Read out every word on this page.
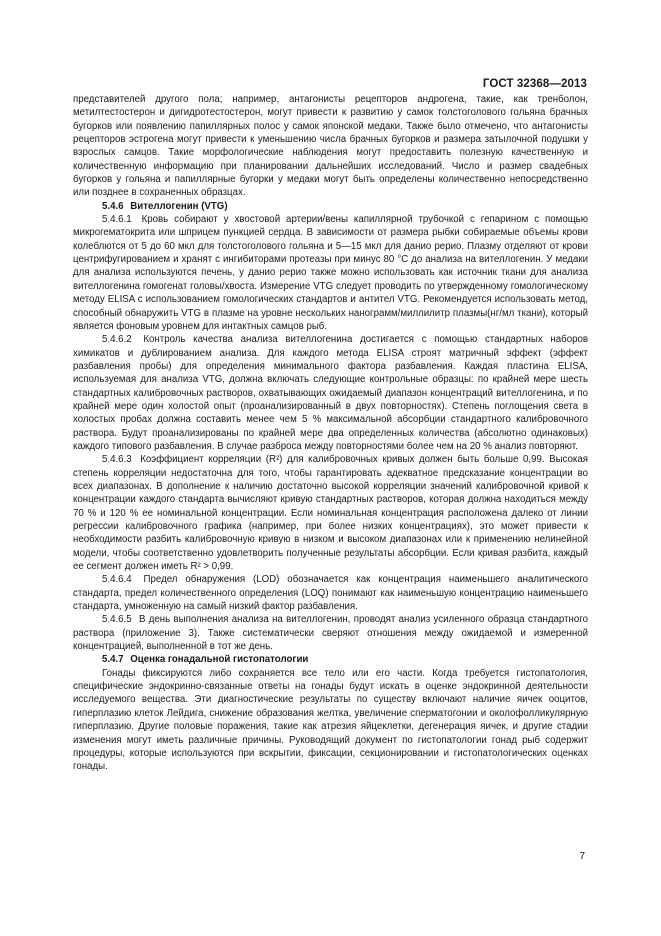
ГОСТ 32368—2013

представителей другого пола; например, антагонисты рецепторов андрогена, такие, как тренболон, метилтестостерон и дигидротестостерон, могут привести к развитию у самок толстоголового гольяна брачных бугорков или появлению папиллярных полос у самок японской медаки. Также было отмечено, что антагонисты рецепторов эстрогена могут привести к уменьшению числа брачных бугорков и размера затылочной подушки у взрослых самцов. Такие морфологические наблюдения могут предоставить полезную качественную и количественную информацию при планировании дальнейших исследований. Число и размер свадебных бугорков у гольяна и папиллярные бугорки у медаки могут быть определены количественно непосредственно или позднее в сохраненных образцах.

5.4.6 Вителлогенин (VTG)

5.4.6.1 Кровь собирают у хвостовой артерии/вены капиллярной трубочкой с гепарином с помощью микрогематокрита или шприцем пункцией сердца. В зависимости от размера рыбки собираемые объемы крови колеблются от 5 до 60 мкл для толстоголового гольяна и 5—15 мкл для данио рерио. Плазму отделяют от крови центрифугированием и хранят с ингибиторами протеазы при минус 80 °С до анализа на вителлогенин. У медаки для анализа используются печень, у данио рерио также можно использовать как источник ткани для анализа вителлогенина гомогенат головы/хвоста. Измерение VTG следует проводить по утвержденному гомологическому методу ELISA с использованием гомологических стандартов и антител VTG. Рекомендуется использовать метод, способный обнаружить VTG в плазме на уровне нескольких нанограмм/миллилитр плазмы(нг/мл ткани), который является фоновым уровнем для интактных самцов рыб.

5.4.6.2 Контроль качества анализа вителлогенина достигается с помощью стандартных наборов химикатов и дублированием анализа. Для каждого метода ELISA строят матричный эффект (эффект разбавления пробы) для определения минимального фактора разбавления. Каждая пластина ELISA, используемая для анализа VTG, должна включать следующие контрольные образцы: по крайней мере шесть стандартных калибровочных растворов, охватывающих ожидаемый диапазон концентраций вителлогенина, и по крайней мере один холостой опыт (проанализированный в двух повторностях). Степень поглощения света в холостых пробах должна составить менее чем 5 % максимальной абсорбции стандартного калибровочного раствора. Будут проанализированы по крайней мере два определенных количества (абсолютно одинаковых) каждого типового разбавления. В случае разброса между повторностями более чем на 20 % анализ повторяют.

5.4.6.3 Коэффициент корреляции (R²) для калибровочных кривых должен быть больше 0,99. Высокая степень корреляции недостаточна для того, чтобы гарантировать адекватное предсказание концентрации во всех диапазонах. В дополнение к наличию достаточно высокой корреляции значений калибровочной кривой к концентрации каждого стандарта вычисляют кривую стандартных растворов, которая должна находиться между 70 % и 120 % ее номинальной концентрации. Если номинальная концентрация расположена далеко от линии регрессии калибровочного графика (например, при более низких концентрациях), это может привести к необходимости разбить калибровочную кривую в низком и высоком диапазонах или к применению нелинейной модели, чтобы соответственно удовлетворить полученные результаты абсорбции. Если кривая разбита, каждый ее сегмент должен иметь R² > 0,99.

5.4.6.4 Предел обнаружения (LOD) обозначается как концентрация наименьшего аналитического стандарта, предел количественного определения (LOQ) понимают как наименьшую концентрацию наименьшего стандарта, умноженную на самый низкий фактор разбавления.

5.4.6.5 В день выполнения анализа на вителлогенин, проводят анализ усиленного образца стандартного раствора (приложение 3). Также систематически сверяют отношения между ожидаемой и измеренной концентрацией, выполненной в тот же день.

5.4.7 Оценка гонадальной гистопатологии

Гонады фиксируются либо сохраняется все тело или его части. Когда требуется гистопатология, специфические эндокринно-связанные ответы на гонады будут искать в оценке эндокринной деятельности исследуемого вещества. Эти диагностические результаты по существу включают наличие яичек ооцитов, гиперплазию клеток Лейдига, снижение образования желтка, увеличение сперматогонии и околофолликулярную гиперплазию. Другие половые поражения, такие как атрезия яйцеклетки, дегенерация яичек, и другие стадии изменения могут иметь различные причины. Руководящий документ по гистопатологии гонад рыб содержит процедуры, которые используются при вскрытии, фиксации, секционировании и гистопатологических оценках гонады.

7
